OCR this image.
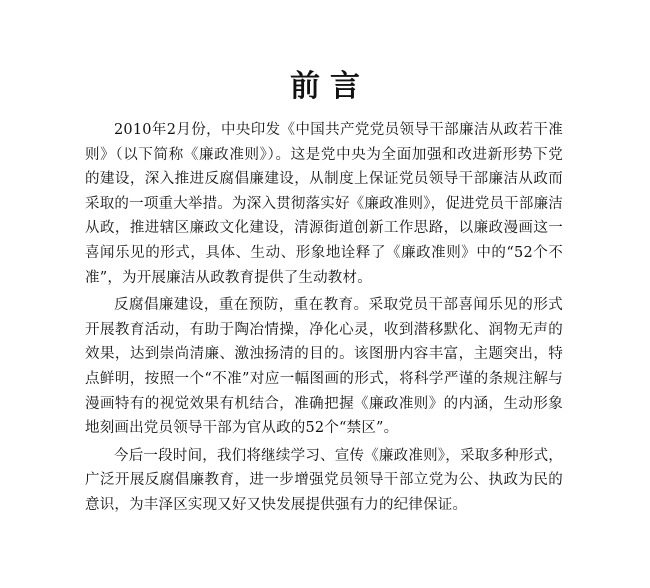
前言

2010年2月份，中央印发《中国共产党党员领导干部廉洁从政若干准则》（以下简称《廉政准则》）。这是党中央为全面加强和改进新形势下党的建设，深入推进反腐倡廉建设，从制度上保证党员领导干部廉洁从政而采取的一项重大举措。为深入贯彻落实好《廉政准则》，促进党员干部廉洁从政，推进辖区廉政文化建设，清源街道创新工作思路，以廉政漫画这一喜闻乐见的形式，具体、生动、形象地诠释了《廉政准则》中的“52个不准”，为开展廉洁从政教育提供了生动教材。

反腐倡廉建设，重在预防，重在教育。采取党员干部喜闻乐见的形式开展教育活动，有助于陶冶情操，净化心灵，收到潜移默化、润物无声的效果，达到崇尚清廉、激浊扬清的目的。该图册内容丰富，主题突出，特点鲜明，按照一个“不准”对应一幅图画的形式，将科学严谨的条规注解与漫画特有的视觉效果有机结合，准确把握《廉政准则》的内涵，生动形象地刻画出党员领导干部为官从政的52个“禁区”。

今后一段时间，我们将继续学习、宣传《廉政准则》，采取多种形式，广泛开展反腐倡廉教育，进一步增强党员领导干部立党为公、执政为民的意识，为丰泽区实现又好又快发展提供强有力的纪律保证。
